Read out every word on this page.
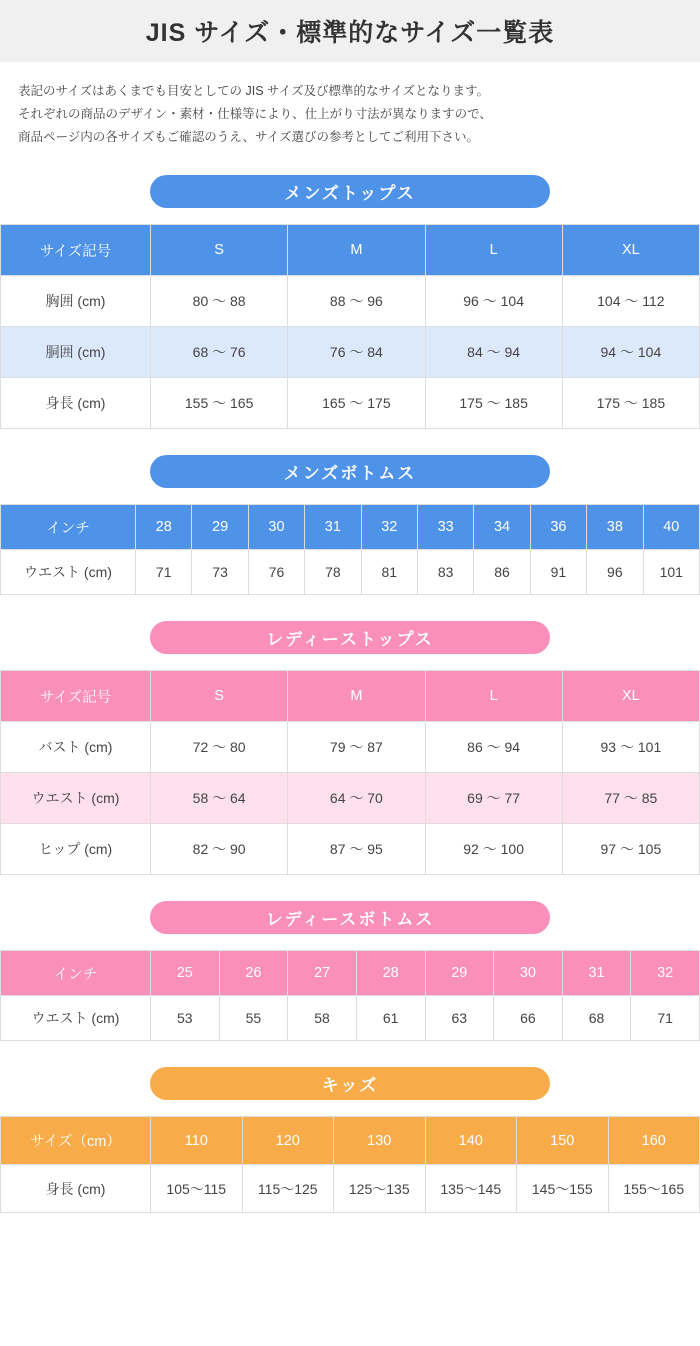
JIS サイズ・標準的なサイズ一覧表
表記のサイズはあくまでも目安としての JIS サイズ及び標準的なサイズとなります。
それぞれの商品のデザイン・素材・仕様等により、仕上がり寸法が異なりますので、
商品ページ内の各サイズもご確認のうえ、サイズ選びの参考としてご利用下さい。
メンズトップス
サイズ記号	S	M	L	XL
胸囲 (cm)	80 〜 88	88 〜 96	96 〜 104	104 〜 112
胴囲 (cm)	68 〜 76	76 〜 84	84 〜 94	94 〜 104
身長 (cm)	155 〜 165	165 〜 175	175 〜 185	175 〜 185
メンズボトムス
インチ	28	29	30	31	32	33	34	36	38	40
ウエスト (cm)	71	73	76	78	81	83	86	91	96	101
レディーストップス
サイズ記号	S	M	L	XL
バスト (cm)	72 〜 80	79 〜 87	86 〜 94	93 〜 101
ウエスト (cm)	58 〜 64	64 〜 70	69 〜 77	77 〜 85
ヒップ (cm)	82 〜 90	87 〜 95	92 〜 100	97 〜 105
レディースボトムス
インチ	25	26	27	28	29	30	31	32
ウエスト (cm)	53	55	58	61	63	66	68	71
キッズ
サイズ（cm）	110	120	130	140	150	160
身長 (cm)	105〜115	115〜125	125〜135	135〜145	145〜155	155〜165
